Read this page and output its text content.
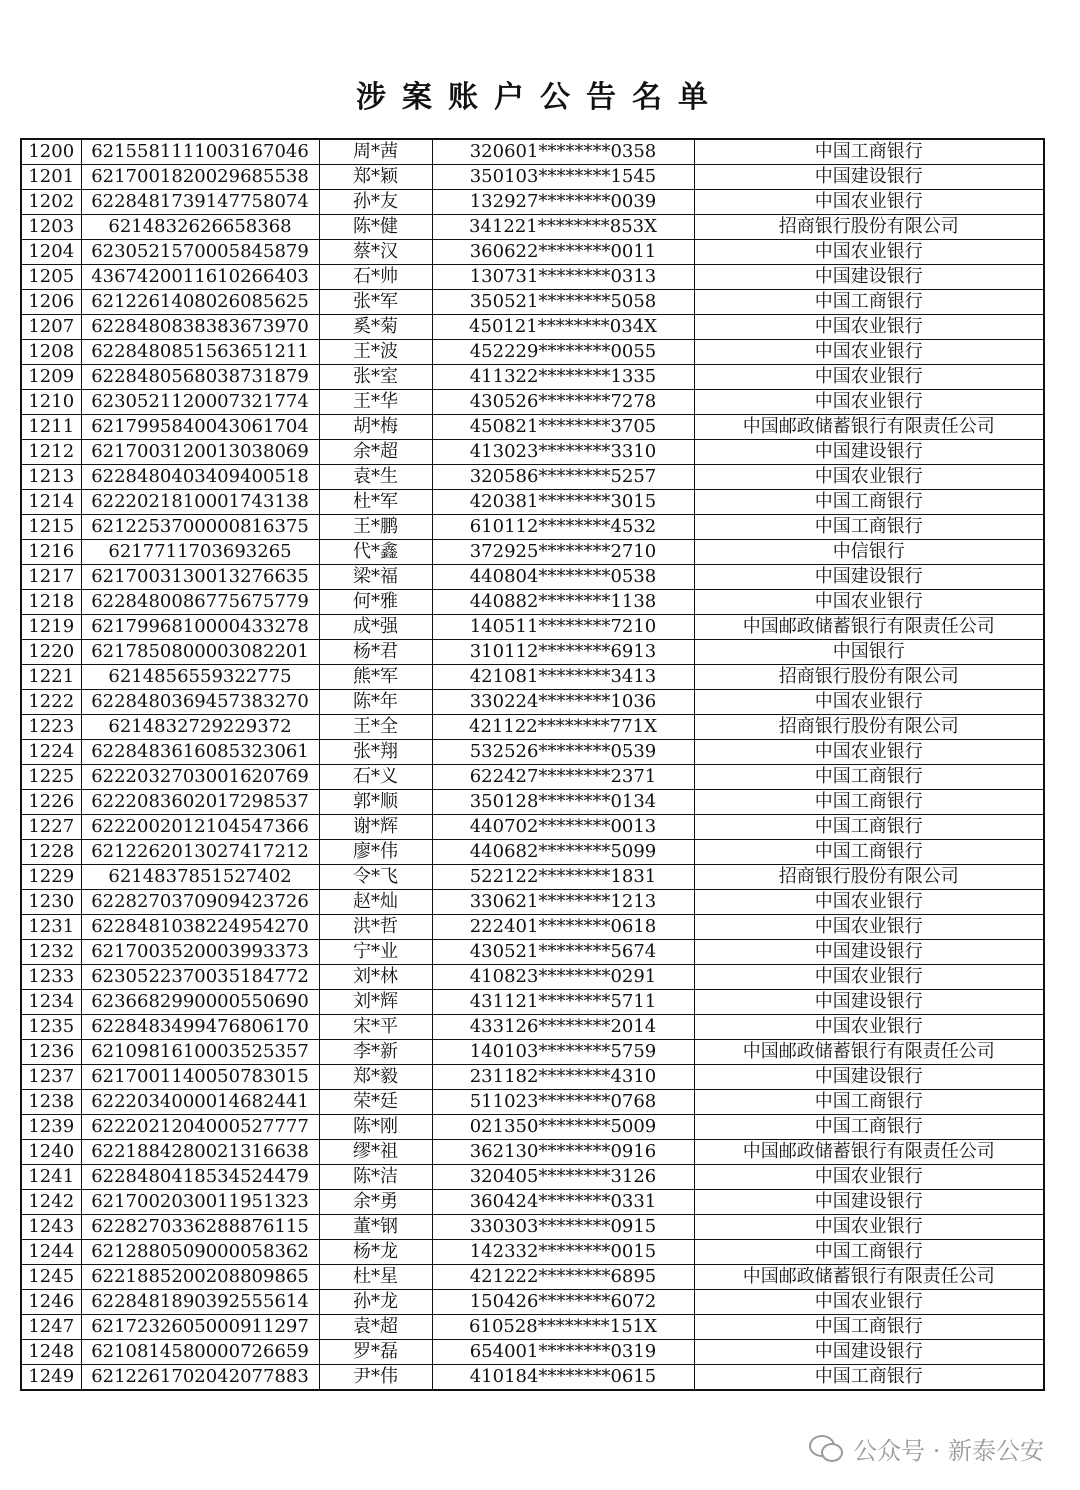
涉案账户公告名单
1200	6215581111003167046	周*茜	320601********0358	中国工商银行
1201	6217001820029685538	郑*颖	350103********1545	中国建设银行
1202	6228481739147758074	孙*友	132927********0039	中国农业银行
1203	6214832626658368	陈*健	341221********853X	招商银行股份有限公司
1204	6230521570005845879	蔡*汉	360622********0011	中国农业银行
1205	4367420011610266403	石*帅	130731********0313	中国建设银行
1206	6212261408026085625	张*军	350521********5058	中国工商银行
1207	6228480838383673970	奚*菊	450121********034X	中国农业银行
1208	6228480851563651211	王*波	452229********0055	中国农业银行
1209	6228480568038731879	张*室	411322********1335	中国农业银行
1210	6230521120007321774	王*华	430526********7278	中国农业银行
1211	6217995840043061704	胡*梅	450821********3705	中国邮政储蓄银行有限责任公司
1212	6217003120013038069	余*超	413023********3310	中国建设银行
1213	6228480403409400518	袁*生	320586********5257	中国农业银行
1214	6222021810001743138	杜*军	420381********3015	中国工商银行
1215	6212253700000816375	王*鹏	610112********4532	中国工商银行
1216	6217711703693265	代*鑫	372925********2710	中信银行
1217	6217003130013276635	梁*福	440804********0538	中国建设银行
1218	6228480086775675779	何*雅	440882********1138	中国农业银行
1219	6217996810000433278	成*强	140511********7210	中国邮政储蓄银行有限责任公司
1220	6217850800003082201	杨*君	310112********6913	中国银行
1221	6214856559322775	熊*军	421081********3413	招商银行股份有限公司
1222	6228480369457383270	陈*年	330224********1036	中国农业银行
1223	6214832729229372	王*全	421122********771X	招商银行股份有限公司
1224	6228483616085323061	张*翔	532526********0539	中国农业银行
1225	6222032703001620769	石*义	622427********2371	中国工商银行
1226	6222083602017298537	郭*顺	350128********0134	中国工商银行
1227	6222002012104547366	谢*辉	440702********0013	中国工商银行
1228	6212262013027417212	廖*伟	440682********5099	中国工商银行
1229	6214837851527402	令*飞	522122********1831	招商银行股份有限公司
1230	6228270370909423726	赵*灿	330621********1213	中国农业银行
1231	6228481038224954270	洪*哲	222401********0618	中国农业银行
1232	6217003520003993373	宁*业	430521********5674	中国建设银行
1233	6230522370035184772	刘*林	410823********0291	中国农业银行
1234	6236682990000550690	刘*辉	431121********5711	中国建设银行
1235	6228483499476806170	宋*平	433126********2014	中国农业银行
1236	6210981610003525357	李*新	140103********5759	中国邮政储蓄银行有限责任公司
1237	6217001140050783015	郑*毅	231182********4310	中国建设银行
1238	6222034000014682441	荣*廷	511023********0768	中国工商银行
1239	6222021204000527777	陈*刚	021350********5009	中国工商银行
1240	6221884280021316638	缪*祖	362130********0916	中国邮政储蓄银行有限责任公司
1241	6228480418534524479	陈*洁	320405********3126	中国农业银行
1242	6217002030011951323	余*勇	360424********0331	中国建设银行
1243	6228270336288876115	董*钢	330303********0915	中国农业银行
1244	6212880509000058362	杨*龙	142332********0015	中国工商银行
1245	6221885200208809865	杜*星	421222********6895	中国邮政储蓄银行有限责任公司
1246	6228481890392555614	孙*龙	150426********6072	中国农业银行
1247	6217232605000911297	袁*超	610528********151X	中国工商银行
1248	6210814580000726659	罗*磊	654001********0319	中国建设银行
1249	6212261702042077883	尹*伟	410184********0615	中国工商银行
公众号 · 新泰公安
